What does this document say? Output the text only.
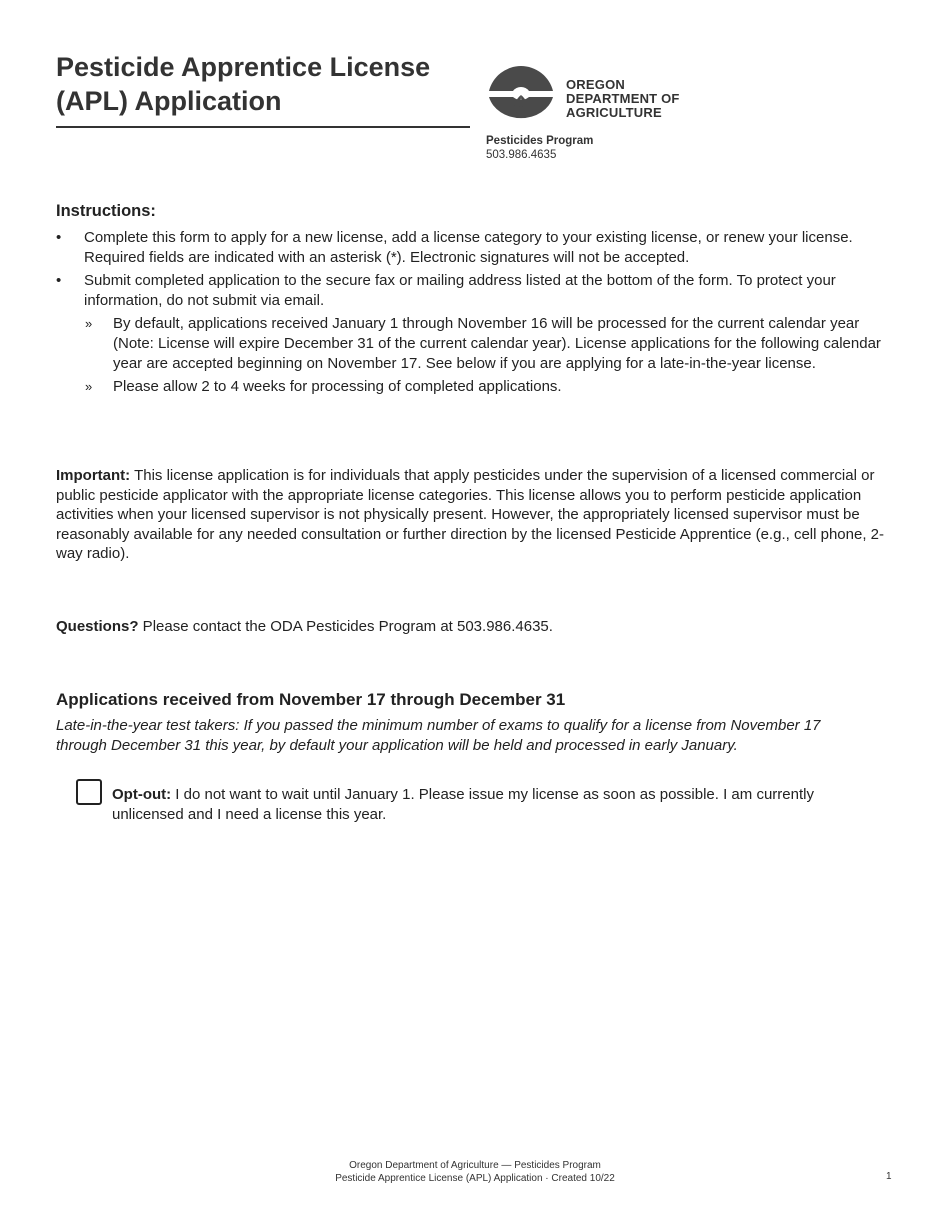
Pesticide Apprentice License
(APL) Application
OREGON
DEPARTMENT OF
AGRICULTURE
Pesticides Program
503.986.4635
Instructions:
• Complete this form to apply for a new license, add a license category to your existing license, or renew your license. Required fields are indicated with an asterisk (*). Electronic signatures will not be accepted.
• Submit completed application to the secure fax or mailing address listed at the bottom of the form. To protect your information, do not submit via email.
» By default, applications received January 1 through November 16 will be processed for the current calendar year (Note: License will expire December 31 of the current calendar year). License applications for the following calendar year are accepted beginning on November 17. See below if you are applying for a late-in-the-year license.
» Please allow 2 to 4 weeks for processing of completed applications.
Important: This license application is for individuals that apply pesticides under the supervision of a licensed commercial or public pesticide applicator with the appropriate license categories. This license allows you to perform pesticide application activities when your licensed supervisor is not physically present. However, the appropriately licensed supervisor must be reasonably available for any needed consultation or further direction by the licensed Pesticide Apprentice (e.g., cell phone, 2-way radio).
Questions? Please contact the ODA Pesticides Program at 503.986.4635.
Applications received from November 17 through December 31
Late-in-the-year test takers: If you passed the minimum number of exams to qualify for a license from November 17 through December 31 this year, by default your application will be held and processed in early January.
Opt-out: I do not want to wait until January 1. Please issue my license as soon as possible. I am currently unlicensed and I need a license this year.
Oregon Department of Agriculture — Pesticides Program
Pesticide Apprentice License (APL) Application · Created 10/22	1
